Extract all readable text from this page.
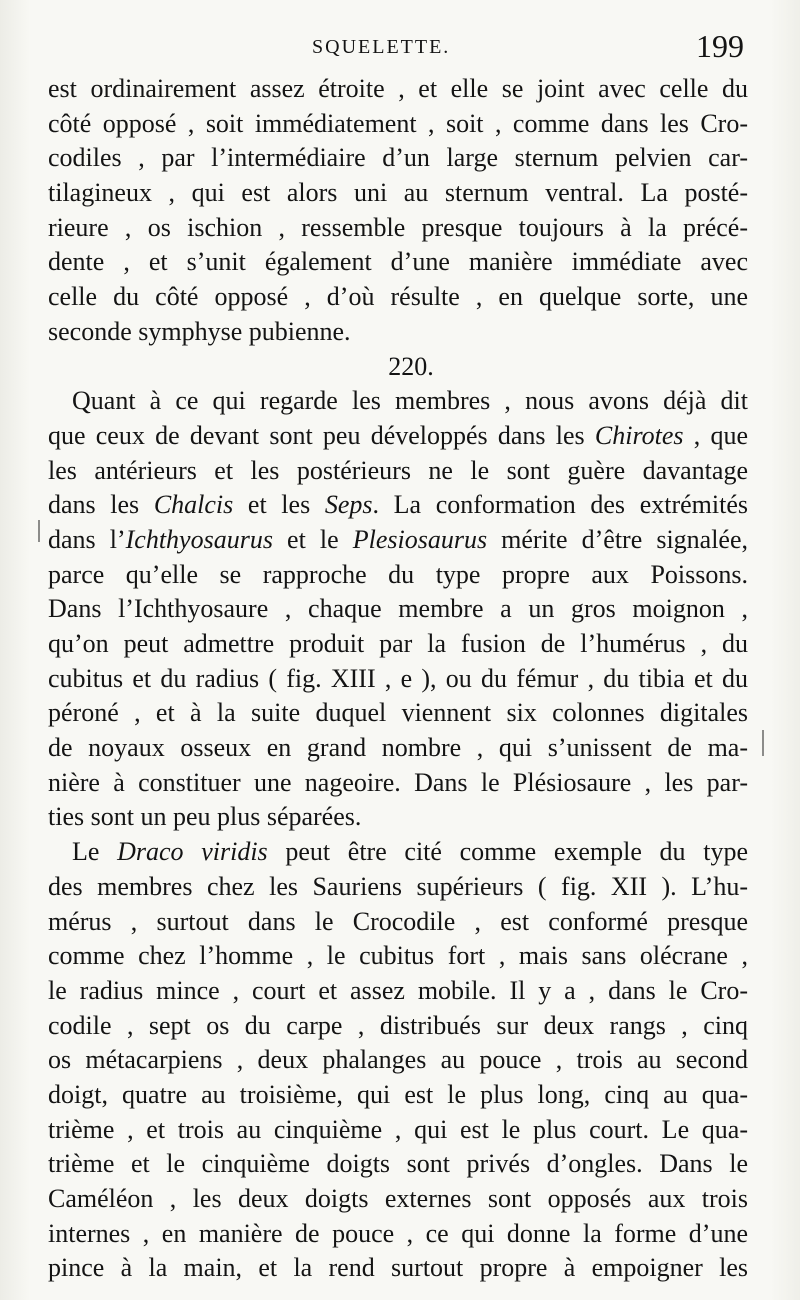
SQUELETTE.	199
est ordinairement assez étroite , et elle se joint avec celle du
côté opposé , soit immédiatement , soit , comme dans les Cro-
codiles , par l’intermédiaire d’un large sternum pelvien car-
tilagineux , qui est alors uni au sternum ventral. La posté-
rieure , os ischion , ressemble presque toujours à la précé-
dente , et s’unit également d’une manière immédiate avec
celle du côté opposé , d’où résulte , en quelque sorte, une
seconde symphyse pubienne.
220.
Quant à ce qui regarde les membres , nous avons déjà dit
que ceux de devant sont peu développés dans les Chirotes , que
les antérieurs et les postérieurs ne le sont guère davantage
dans les Chalcis et les Seps. La conformation des extrémités
dans l’Ichthyosaurus et le Plesiosaurus mérite d’être signalée,
parce qu’elle se rapproche du type propre aux Poissons.
Dans l’Ichthyosaure , chaque membre a un gros moignon ,
qu’on peut admettre produit par la fusion de l’humérus , du
cubitus et du radius ( fig. XIII , e ), ou du fémur , du tibia et du
péroné , et à la suite duquel viennent six colonnes digitales
de noyaux osseux en grand nombre , qui s’unissent de ma-
nière à constituer une nageoire. Dans le Plésiosaure , les par-
ties sont un peu plus séparées.
Le Draco viridis peut être cité comme exemple du type
des membres chez les Sauriens supérieurs ( fig. XII ). L’hu-
mérus , surtout dans le Crocodile , est conformé presque
comme chez l’homme , le cubitus fort , mais sans olécrane ,
le radius mince , court et assez mobile. Il y a , dans le Cro-
codile , sept os du carpe , distribués sur deux rangs , cinq
os métacarpiens , deux phalanges au pouce , trois au second
doigt, quatre au troisième, qui est le plus long, cinq au qua-
trième , et trois au cinquième , qui est le plus court. Le qua-
trième et le cinquième doigts sont privés d’ongles. Dans le
Caméléon , les deux doigts externes sont opposés aux trois
internes , en manière de pouce , ce qui donne la forme d’une
pince à la main, et la rend surtout propre à empoigner les
